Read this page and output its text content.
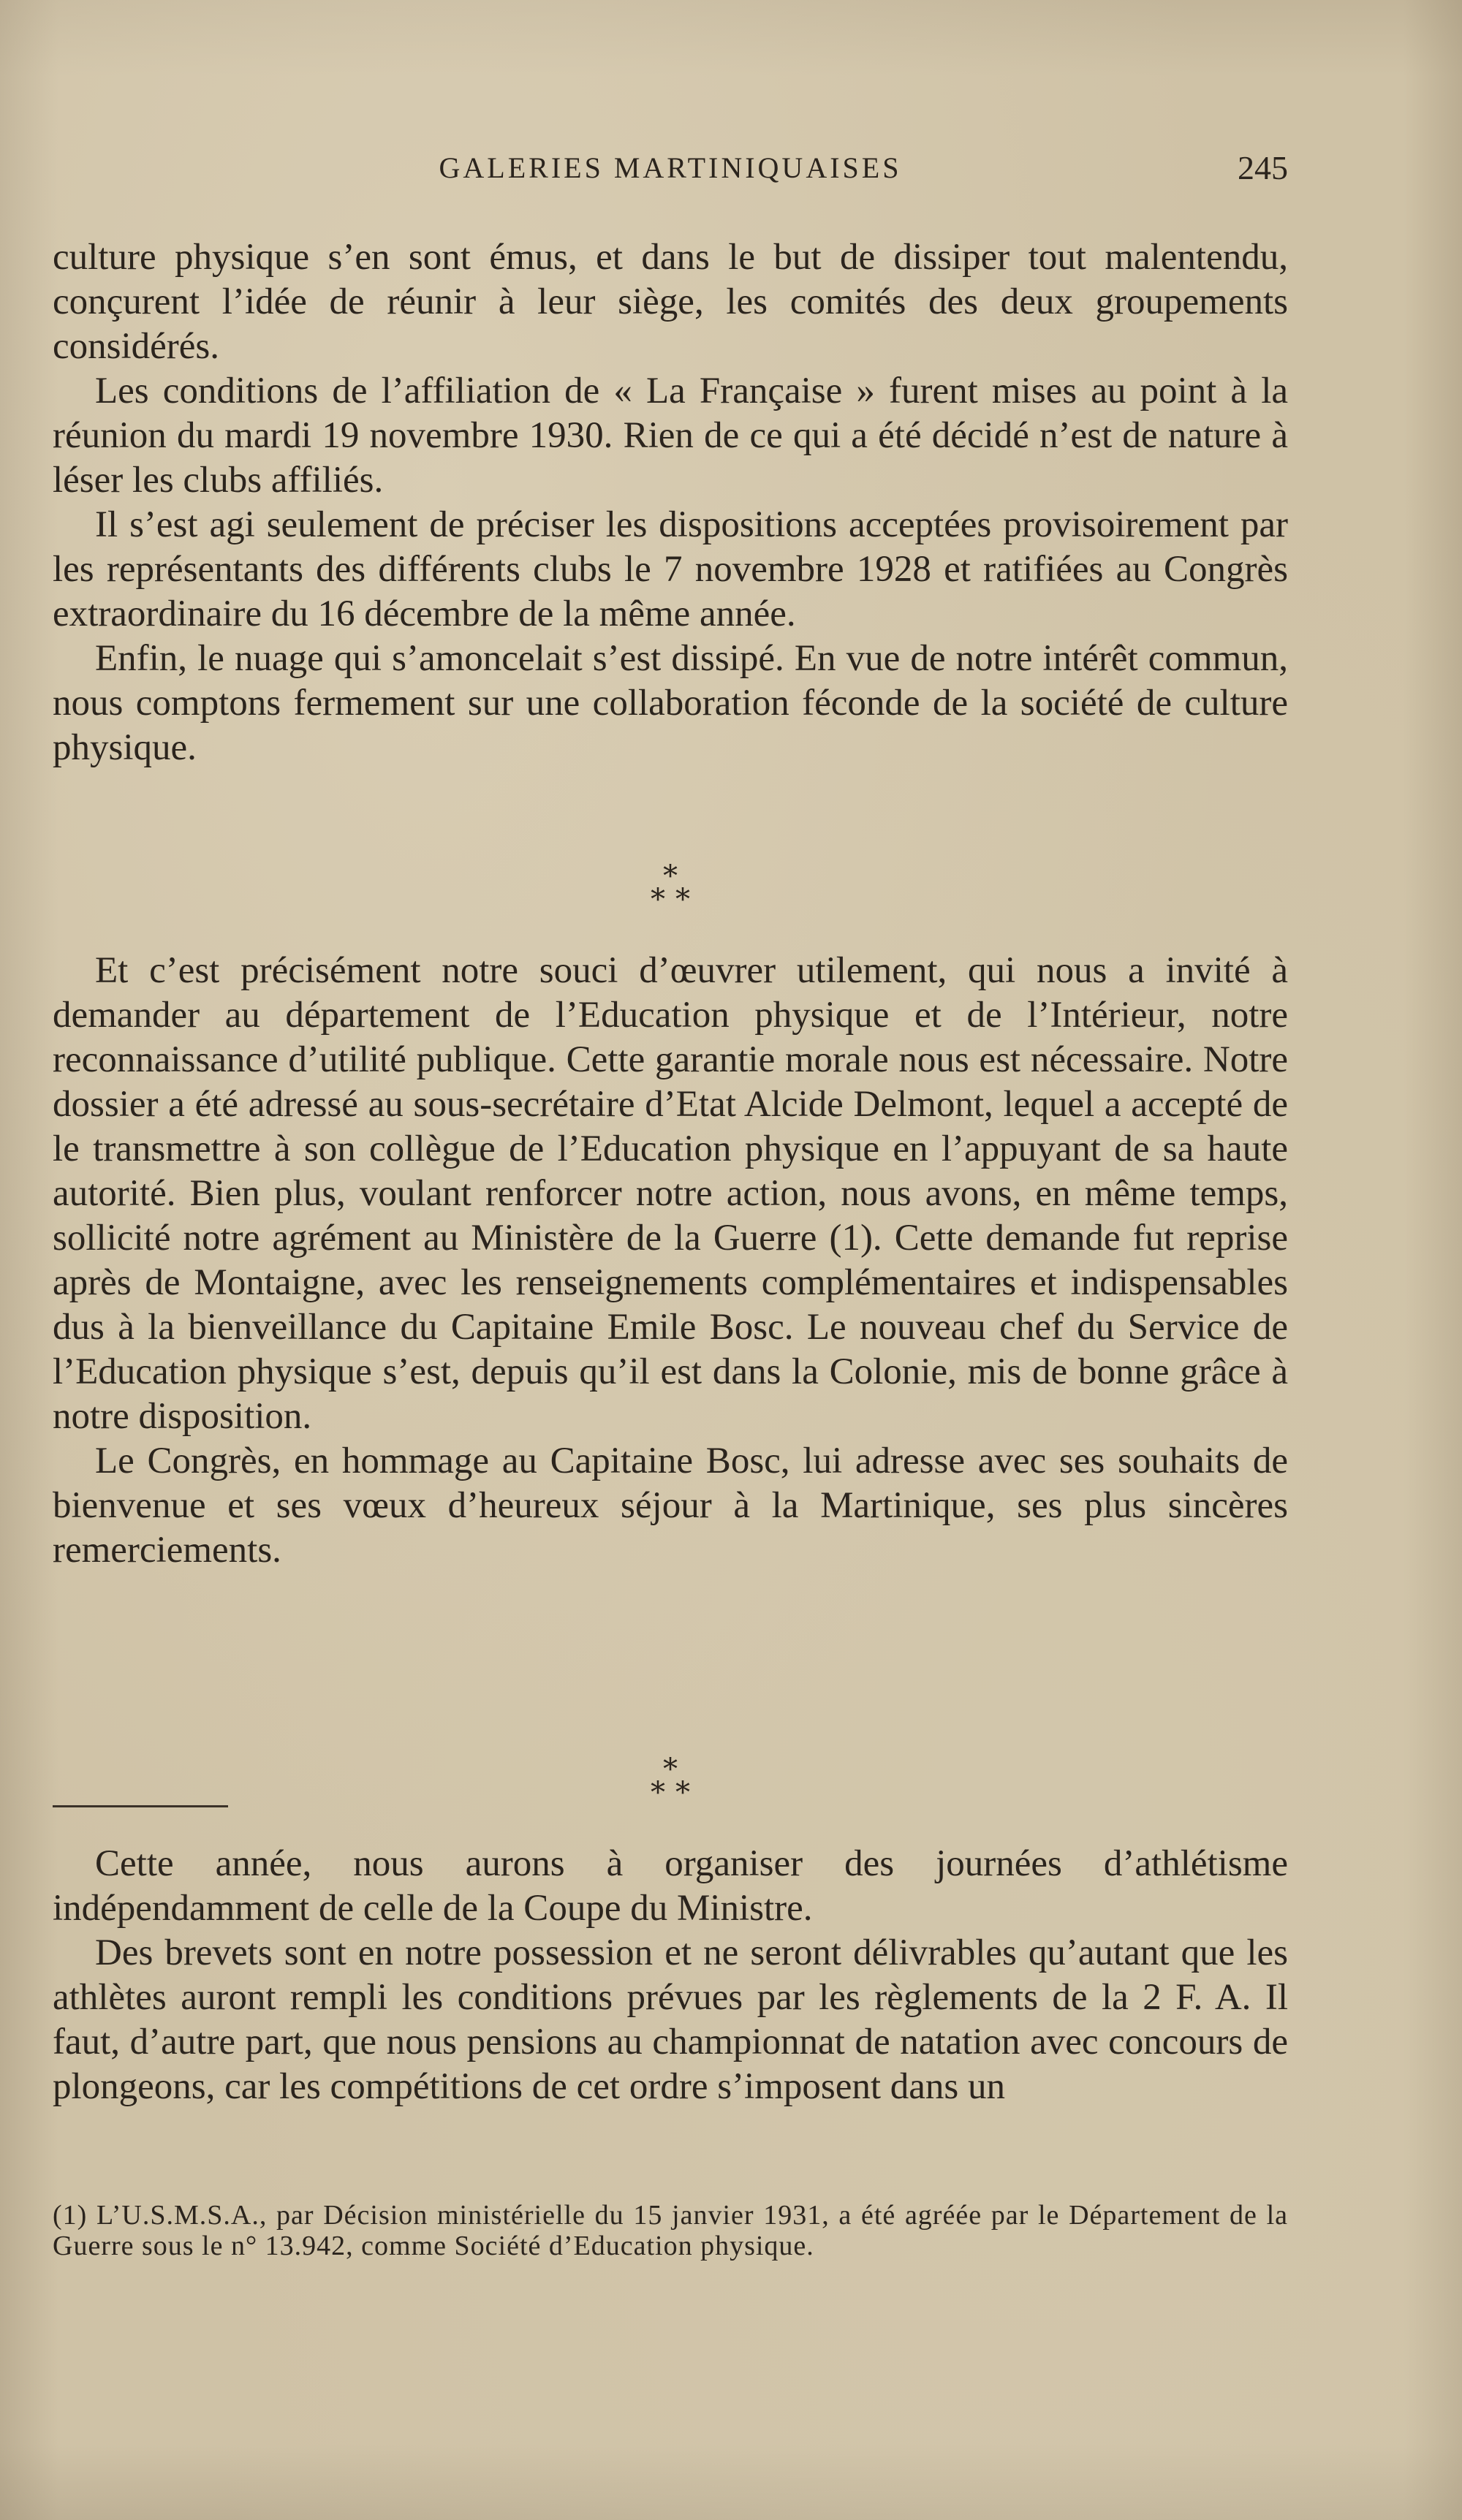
GALERIES MARTINIQUAISES	245

culture physique s’en sont émus, et dans le but de dissiper tout malentendu, conçurent l’idée de réunir à leur siège, les comités des deux groupements considérés.

Les conditions de l’affiliation de « La Française » furent mises au point à la réunion du mardi 19 novembre 1930. Rien de ce qui a été décidé n’est de nature à léser les clubs affiliés.

Il s’est agi seulement de préciser les dispositions acceptées provisoirement par les représentants des différents clubs le 7 novembre 1928 et ratifiées au Congrès extraordinaire du 16 décembre de la même année.

Enfin, le nuage qui s’amoncelait s’est dissipé. En vue de notre intérêt commun, nous comptons fermement sur une collaboration féconde de la société de culture physique.

*
* *

Et c’est précisément notre souci d’œuvrer utilement, qui nous a invité à demander au département de l’Education physique et de l’Intérieur, notre reconnaissance d’utilité publique. Cette garantie morale nous est nécessaire. Notre dossier a été adressé au sous-secrétaire d’Etat Alcide Delmont, lequel a accepté de le transmettre à son collègue de l’Education physique en l’appuyant de sa haute autorité. Bien plus, voulant renforcer notre action, nous avons, en même temps, sollicité notre agrément au Ministère de la Guerre (1). Cette demande fut reprise après de Montaigne, avec les renseignements complémentaires et indispensables dus à la bienveillance du Capitaine Emile Bosc. Le nouveau chef du Service de l’Education physique s’est, depuis qu’il est dans la Colonie, mis de bonne grâce à notre disposition.

Le Congrès, en hommage au Capitaine Bosc, lui adresse avec ses souhaits de bienvenue et ses vœux d’heureux séjour à la Martinique, ses plus sincères remerciements.

*
* *

Cette année, nous aurons à organiser des journées d’athlétisme indépendamment de celle de la Coupe du Ministre.

Des brevets sont en notre possession et ne seront délivrables qu’autant que les athlètes auront rempli les conditions prévues par les règlements de la 2 F. A. Il faut, d’autre part, que nous pensions au championnat de natation avec concours de plongeons, car les compétitions de cet ordre s’imposent dans un

(1) L’U.S.M.S.A., par Décision ministérielle du 15 janvier 1931, a été agréée par le Département de la Guerre sous le n° 13.942, comme Société d’Education physique.
